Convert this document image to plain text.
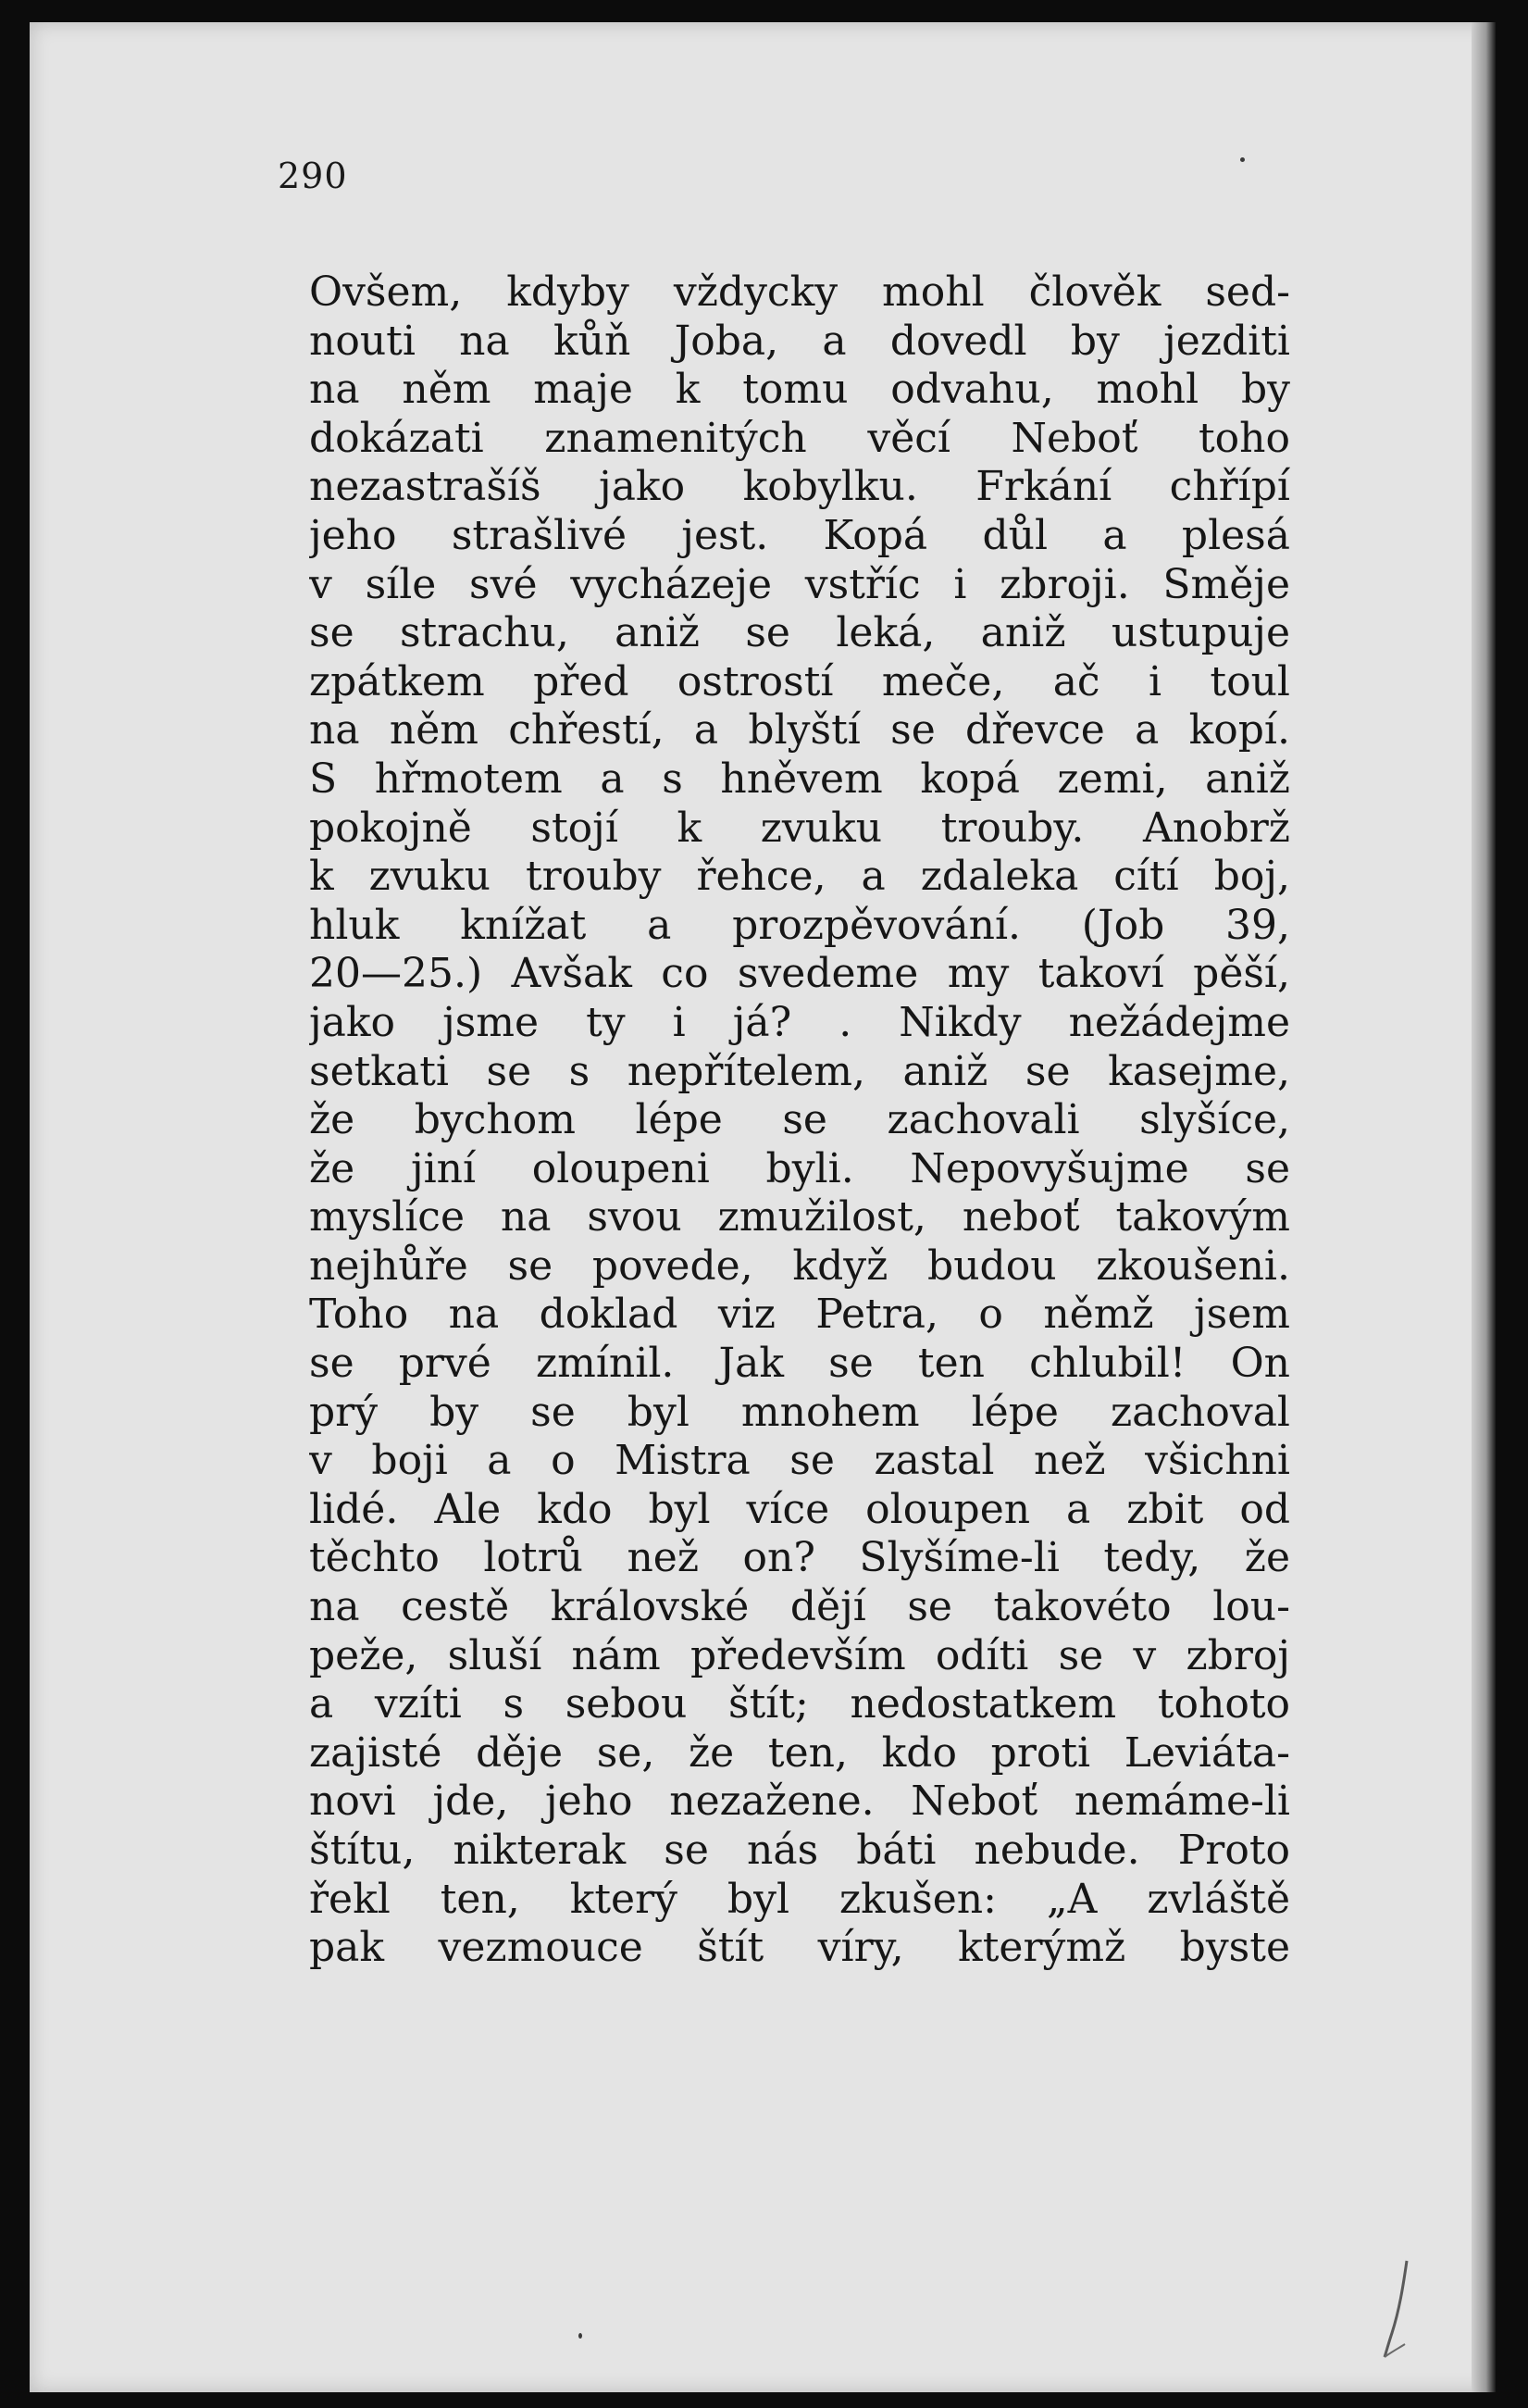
290
Ovšem, kdyby vždycky mohl člověk sed-
nouti na kůň Joba, a dovedl by jezditi
na něm maje k tomu odvahu, mohl by
dokázati znamenitých věcí Neboť toho
nezastrašíš jako kobylku. Frkání chřípí
jeho strašlivé jest. Kopá důl a plesá
v síle své vycházeje vstříc i zbroji. Směje
se strachu, aniž se leká, aniž ustupuje
zpátkem před ostrostí meče, ač i toul
na něm chřestí, a blyští se dřevce a kopí.
S hřmotem a s hněvem kopá zemi, aniž
pokojně stojí k zvuku trouby. Anobrž
k zvuku trouby řehce, a zdaleka cítí boj,
hluk knížat a prozpěvování. (Job 39,
20—25.) Avšak co svedeme my takoví pěší,
jako jsme ty i já? . Nikdy nežádejme
setkati se s nepřítelem, aniž se kasejme,
že bychom lépe se zachovali slyšíce,
že jiní oloupeni byli. Nepovyšujme se
myslíce na svou zmužilost, neboť takovým
nejhůře se povede, když budou zkoušeni.
Toho na doklad viz Petra, o němž jsem
se prvé zmínil. Jak se ten chlubil! On
prý by se byl mnohem lépe zachoval
v boji a o Mistra se zastal než všichni
lidé. Ale kdo byl více oloupen a zbit od
těchto lotrů než on? Slyšíme-li tedy, že
na cestě královské dějí se takovéto lou-
peže, sluší nám především odíti se v zbroj
a vzíti s sebou štít; nedostatkem tohoto
zajisté děje se, že ten, kdo proti Leviáta-
novi jde, jeho nezažene. Neboť nemáme-li
štítu, nikterak se nás báti nebude. Proto
řekl ten, který byl zkušen: „A zvláště
pak vezmouce štít víry, kterýmž byste
